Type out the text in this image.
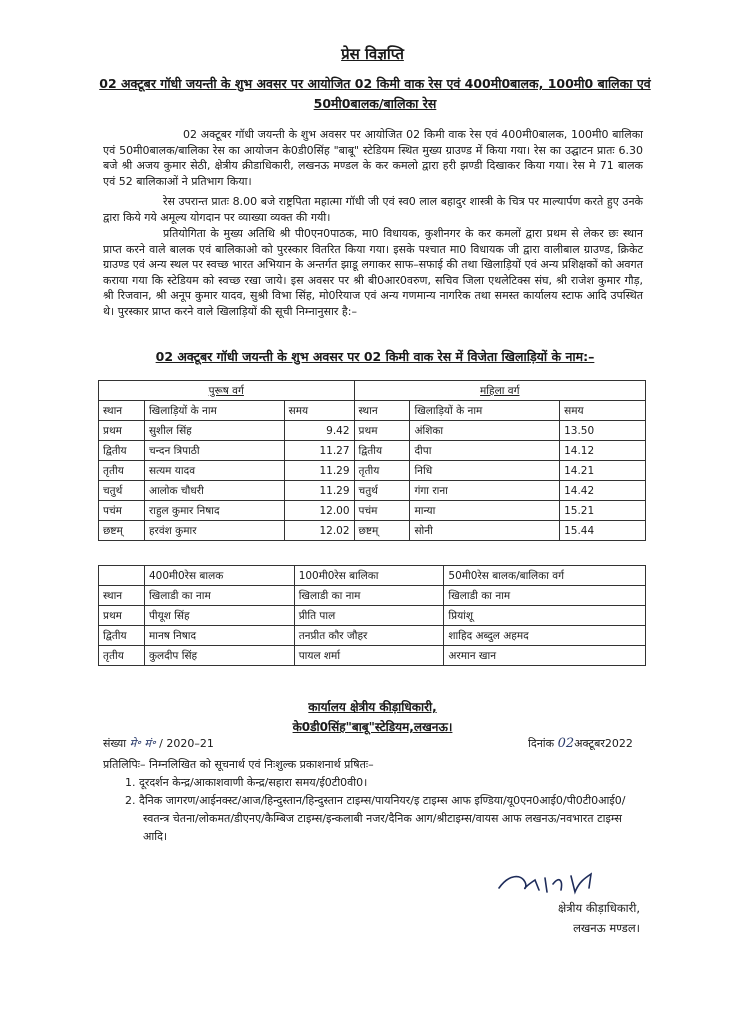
प्रेस विज्ञप्ति
02 अक्टूबर गॉधी जयन्ती के शुभ अवसर पर आयोजित 02 किमी वाक रेस एवं 400मी0बालक, 100मी0 बालिका एवं 50मी0बालक/बालिका रेस
02 अक्टूबर गॉधी जयन्ती के शुभ अवसर पर आयोजित 02 किमी वाक रेस एवं 400मी0बालक, 100मी0 बालिका एवं 50मी0बालक/बालिका रेस का आयोजन के0डी0सिंह "बाबू" स्टेडियम स्थित मुख्य ग्राउण्ड में किया गया। रेस का उद्घाटन प्रातः 6.30 बजे श्री अजय कुमार सेठी, क्षेत्रीय क्रीडाधिकारी, लखनऊ मण्डल के कर कमलो द्वारा हरी झण्डी दिखाकर किया गया। रेस मे 71 बालक एवं 52 बालिकाओं ने प्रतिभाग किया।
रेस उपरान्त प्रातः 8.00 बजे राष्ट्रपिता महात्मा गॉधी जी एवं स्व0 लाल बहादुर शास्त्री के चित्र पर माल्यार्पण करते हुए उनके द्वारा किये गये अमूल्य योगदान पर व्याख्या व्यक्त की गयी।
प्रतियोगिता के मुख्य अतिथि श्री पी0एन0पाठक, मा0 विधायक, कुशीनगर के कर कमलों द्वारा प्रथम से लेकर छः स्थान प्राप्त करने वाले बालक एवं बालिकाओ को पुरस्कार वितरित किया गया। इसके पश्चात मा0 विधायक जी द्वारा वालीबाल ग्राउण्ड, क्रिकेट ग्राउण्ड एवं अन्य स्थल पर स्वच्छ भारत अभियान के अन्तर्गत झाडू लगाकर साफ–सफाई की तथा खिलाड़ियों एवं अन्य प्रशिक्षकों को अवगत कराया गया कि स्टेडियम को स्वच्छ रखा जाये। इस अवसर पर श्री बी0आर0वरुण, सचिव जिला एथलेटिक्स संघ, श्री राजेश कुमार गौड़, श्री रिजवान, श्री अनूप कुमार यादव, सुश्री विभा सिंह, मो0रियाज एवं अन्य गणमान्य नागरिक तथा समस्त कार्यालय स्टाफ आदि उपस्थित थे। पुरस्कार प्राप्त करने वाले खिलाड़ियों की सूची निम्नानुसार है:–
02 अक्टूबर गॉधी जयन्ती के शुभ अवसर पर 02 किमी वाक रेस में विजेता खिलाड़ियों के नाम:–
पुरूष वर्ग			महिला वर्ग		
स्थान	खिलाड़ियों के नाम	समय	स्थान	खिलाड़ियों के नाम	समय
प्रथम	सुशील सिंह	9.42	प्रथम	अंशिका	13.50
द्वितीय	चन्दन त्रिपाठी	11.27	द्वितीय	दीपा	14.12
तृतीय	सत्यम यादव	11.29	तृतीय	निधि	14.21
चतुर्थ	आलोक चौधरी	11.29	चतुर्थ	गंगा राना	14.42
पचंम	राहुल कुमार निषाद	12.00	पचंम	मान्या	15.21
छष्टम्	हरवंश कुमार	12.02	छष्टम्	सोनी	15.44
	400मी0रेस बालक	100मी0रेस बालिका	50मी0रेस बालक/बालिका वर्ग
स्थान	खिलाडी का नाम	खिलाडी का नाम	खिलाडी का नाम
प्रथम	पीयूश सिंह	प्रीति पाल	प्रियांशू
द्वितीय	मानष निषाद	तनप्रीत कौर जौहर	शाहिद अब्दुल अहमद
तृतीय	कुलदीप सिंह	पायल शर्मा	अरमान खान
कार्यालय क्षेत्रीय कीड़ाधिकारी,
के0डी0सिंह"बाबू"स्टेडियम,लखनऊ।
संख्या मे॰ मं॰ / 2020–21	दिनांक 02अक्टूबर2022
प्रतिलिपिः– निम्नलिखित को सूचनार्थ एवं निःशुल्क प्रकाशनार्थ प्रषितः–
1. दूरदर्शन केन्द्र/आकाशवाणी केन्द्र/सहारा समय/ई0टी0वी0।
2. दैनिक जागरण/आईनक्स्ट/आज/हिन्दुस्तान/हिन्दुस्तान टाइम्स/पायनियर/इ टाइम्स आफ इण्डिया/यू0एन0आई0/पी0टी0आई0/स्वतन्त्र चेतना/लोकमत/डीएनए/कैम्बिज टाइम्स/इन्कलाबी नजर/दैनिक आग/श्रीटाइम्स/वायस आफ लखनऊ/नवभारत टाइम्स आदि।
क्षेत्रीय कीड़ाधिकारी,
लखनऊ मण्डल।
